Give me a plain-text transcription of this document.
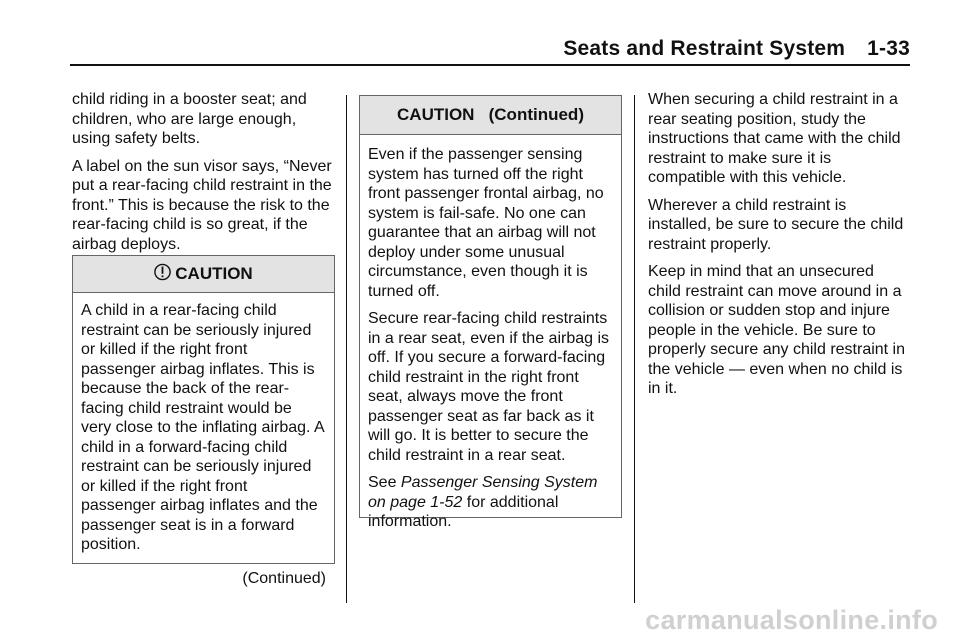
Seats and Restraint System 1-33

child riding in a booster seat; and children, who are large enough, using safety belts.

A label on the sun visor says, “Never put a rear-facing child restraint in the front.” This is because the risk to the rear-facing child is so great, if the airbag deploys.

CAUTION

A child in a rear-facing child restraint can be seriously injured or killed if the right front passenger airbag inflates. This is because the back of the rear-facing child restraint would be very close to the inflating airbag. A child in a forward-facing child restraint can be seriously injured or killed if the right front passenger airbag inflates and the passenger seat is in a forward position.

(Continued)

CAUTION   (Continued)

Even if the passenger sensing system has turned off the right front passenger frontal airbag, no system is fail-safe. No one can guarantee that an airbag will not deploy under some unusual circumstance, even though it is turned off.

Secure rear-facing child restraints in a rear seat, even if the airbag is off. If you secure a forward-facing child restraint in the right front seat, always move the front passenger seat as far back as it will go. It is better to secure the child restraint in a rear seat.

See Passenger Sensing System on page 1-52 for additional information.

When securing a child restraint in a rear seating position, study the instructions that came with the child restraint to make sure it is compatible with this vehicle.

Wherever a child restraint is installed, be sure to secure the child restraint properly.

Keep in mind that an unsecured child restraint can move around in a collision or sudden stop and injure people in the vehicle. Be sure to properly secure any child restraint in the vehicle — even when no child is in it.

carmanualsonline.info
